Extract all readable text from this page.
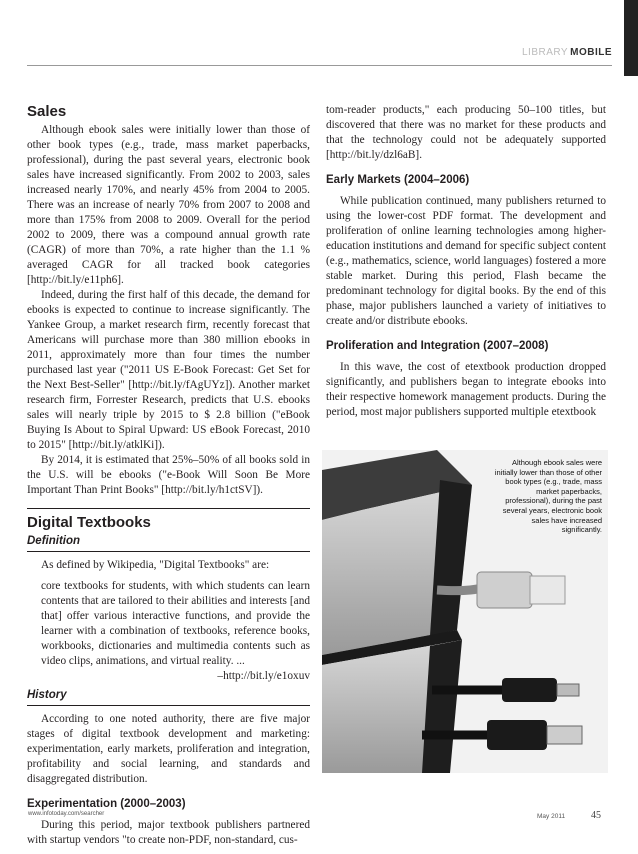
LIBRARY MOBILE
Sales

Although ebook sales were initially lower than those of other book types (e.g., trade, mass market paperbacks, professional), during the past several years, electronic book sales have increased significantly. From 2002 to 2003, sales increased nearly 170%, and nearly 45% from 2004 to 2005. There was an increase of nearly 70% from 2007 to 2008 and more than 175% from 2008 to 2009. Overall for the period 2002 to 2009, there was a compound annual growth rate (CAGR) of more than 70%, a rate higher than the 1.1 % averaged CAGR for all tracked book categories [http://bit.ly/e11ph6].

Indeed, during the first half of this decade, the demand for ebooks is expected to continue to increase significantly. The Yankee Group, a market research firm, recently forecast that Americans will purchase more than 380 million ebooks in 2011, approximately more than four times the number purchased last year ("2011 US E-Book Forecast: Get Set for the Next Best-Seller" [http://bit.ly/fAgUYz]). Another market research firm, Forrester Research, predicts that U.S. ebooks sales will nearly triple by 2015 to $ 2.8 billion ("eBook Buying Is About to Spiral Upward: US eBook Forecast, 2010 to 2015" [http://bit.ly/atklKi]).

By 2014, it is estimated that 25%–50% of all books sold in the U.S. will be ebooks ("e-Book Will Soon Be More Important Than Print Books" [http://bit.ly/h1ctSV]).

Digital Textbooks
Definition

As defined by Wikipedia, "Digital Textbooks" are:

core textbooks for students, with which students can learn contents that are tailored to their abilities and interests [and that] offer various interactive functions, and provide the learner with a combination of textbooks, reference books, workbooks, dictionaries and multimedia contents such as video clips, animations, and virtual reality. ...

–http://bit.ly/e1oxuv

History

According to one noted authority, there are five major stages of digital textbook development and marketing: experimentation, early markets, proliferation and integration, profitability and social learning, and standards and disaggregated distribution.

Experimentation (2000–2003)

During this period, major textbook publishers partnered with startup vendors "to create non-PDF, non-standard, cus-

tom-reader products," each producing 50–100 titles, but discovered that there was no market for these products and that the technology could not be adequately supported [http://bit.ly/dzl6aB].

Early Markets (2004–2006)

While publication continued, many publishers returned to using the lower-cost PDF format. The development and proliferation of online learning technologies among higher-education institutions and demand for specific subject content (e.g., mathematics, science, world languages) fostered a more stable market. During this period, Flash became the predominant technology for digital books. By the end of this phase, major publishers launched a variety of initiatives to create and/or distribute ebooks.

Proliferation and Integration (2007–2008)

In this wave, the cost of etextbook production dropped significantly, and publishers began to integrate ebooks into their respective homework management products. During the period, most major publishers supported multiple etextbook

Although ebook sales were initially lower than those of other book types (e.g., trade, mass market paperbacks, professional), during the past several years, electronic book sales have increased significantly.
www.infotoday.com/searcher	May 2011	45
